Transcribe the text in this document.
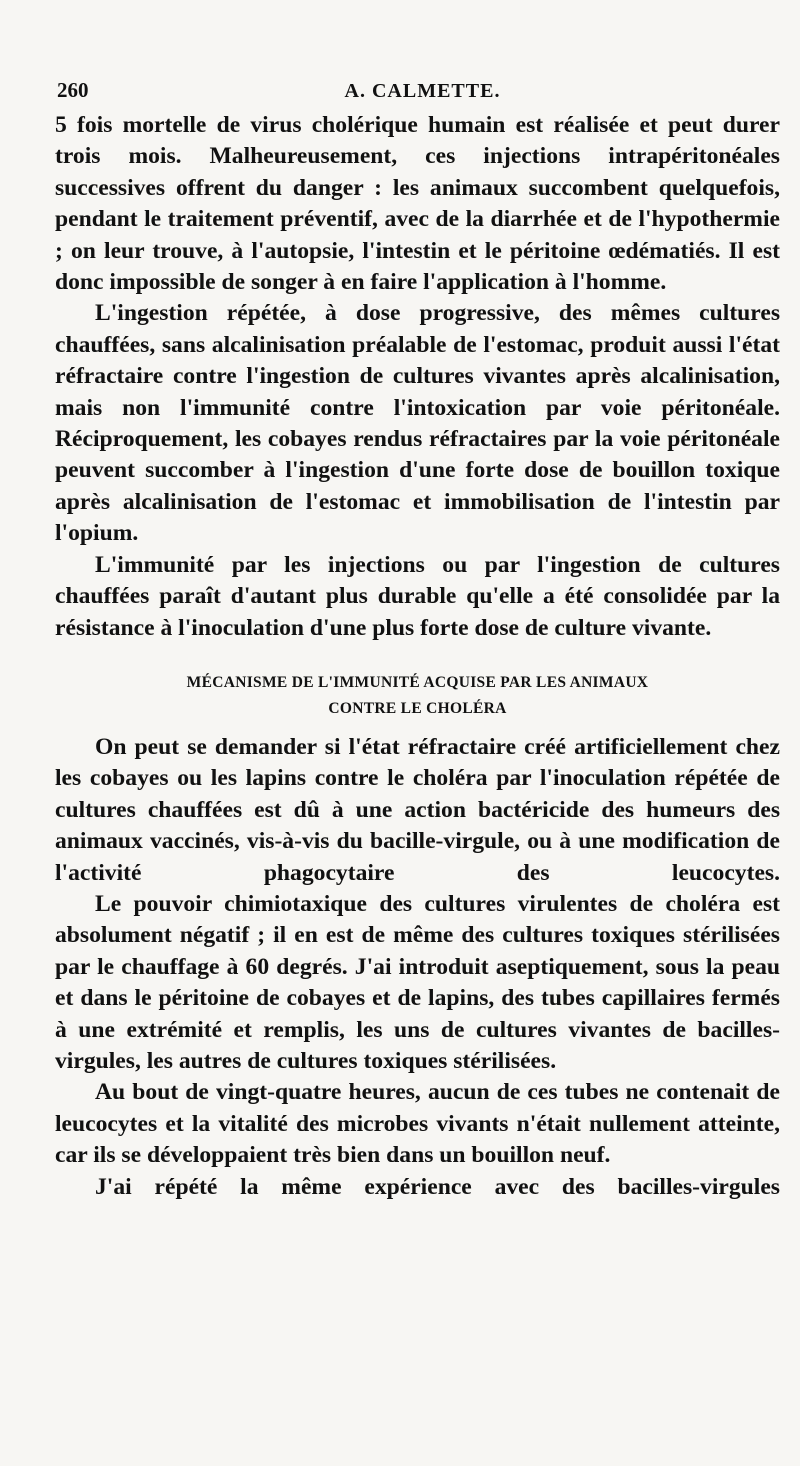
260	A. CALMETTE.

5 fois mortelle de virus cholérique humain est réalisée et peut durer trois mois. Malheureusement, ces injections intrapéritonéales successives offrent du danger : les animaux succombent quelquefois, pendant le traitement préventif, avec de la diarrhée et de l'hypothermie ; on leur trouve, à l'autopsie, l'intestin et le péritoine œdématiés. Il est donc impossible de songer à en faire l'application à l'homme.

L'ingestion répétée, à dose progressive, des mêmes cultures chauffées, sans alcalinisation préalable de l'estomac, produit aussi l'état réfractaire contre l'ingestion de cultures vivantes après alcalinisation, mais non l'immunité contre l'intoxication par voie péritonéale. Réciproquement, les cobayes rendus réfractaires par la voie péritonéale peuvent succomber à l'ingestion d'une forte dose de bouillon toxique après alcalinisation de l'estomac et immobilisation de l'intestin par l'opium.

L'immunité par les injections ou par l'ingestion de cultures chauffées paraît d'autant plus durable qu'elle a été consolidée par la résistance à l'inoculation d'une plus forte dose de culture vivante.

MÉCANISME DE L'IMMUNITÉ ACQUISE PAR LES ANIMAUX
CONTRE LE CHOLÉRA

On peut se demander si l'état réfractaire créé artificiellement chez les cobayes ou les lapins contre le choléra par l'inoculation répétée de cultures chauffées est dû à une action bactéricide des humeurs des animaux vaccinés, vis-à-vis du bacille-virgule, ou à une modification de l'activité phagocytaire des leucocytes.

Le pouvoir chimiotaxique des cultures virulentes de choléra est absolument négatif ; il en est de même des cultures toxiques stérilisées par le chauffage à 60 degrés. J'ai introduit aseptiquement, sous la peau et dans le péritoine de cobayes et de lapins, des tubes capillaires fermés à une extrémité et remplis, les uns de cultures vivantes de bacilles-virgules, les autres de cultures toxiques stérilisées.

Au bout de vingt-quatre heures, aucun de ces tubes ne contenait de leucocytes et la vitalité des microbes vivants n'était nullement atteinte, car ils se développaient très bien dans un bouillon neuf.

J'ai répété la même expérience avec des bacilles-virgules
